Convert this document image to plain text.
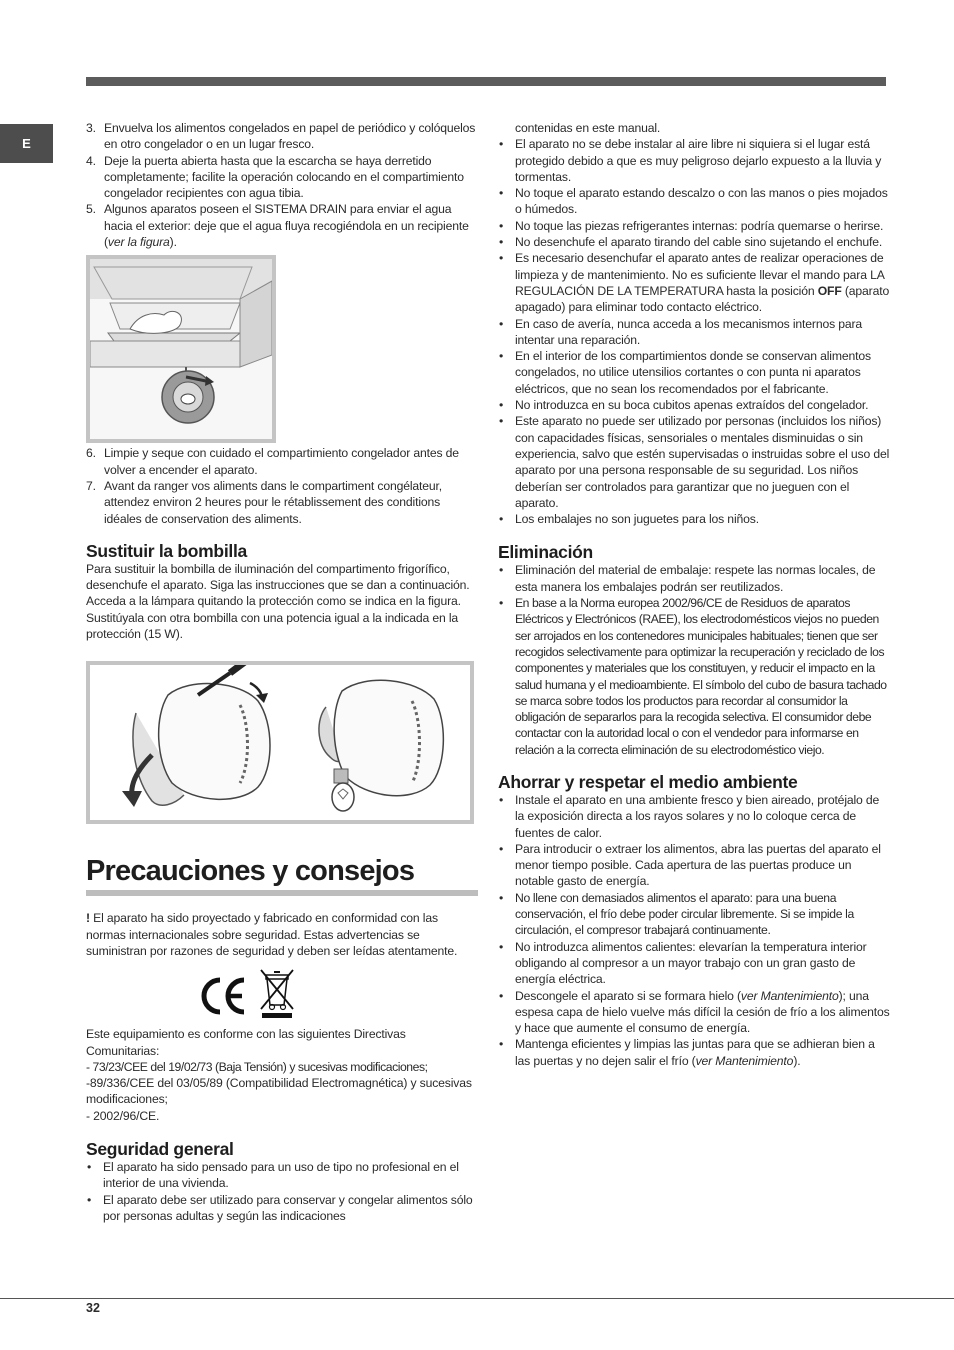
E
3. Envuelva los alimentos congelados en papel de periódico y colóquelos en otro congelador o en un lugar fresco.
4. Deje la puerta abierta hasta que la escarcha se haya derretido completamente; facilite la operación colocando en el compartimiento congelador recipientes con agua tibia.
5. Algunos aparatos poseen el SISTEMA DRAIN para enviar el agua hacia el exterior: deje que el agua fluya recogiéndola en un recipiente (ver la figura).
6. Limpie y seque con cuidado el compartimiento congelador antes de volver a encender el aparato.
7. Avant da ranger vos aliments dans le compartiment congélateur, attendez environ 2 heures pour le rétablissement des conditions idéales de conservation des aliments.
Sustituir la bombilla

Para sustituir la bombilla de iluminación del compartimento frigorífico, desenchufe el aparato. Siga las instrucciones que se dan a continuación. Acceda a la lámpara quitando la protección como se indica en la figura. Sustitúyala con otra bombilla con una potencia igual a la indicada en la protección (15 W).

Precauciones y consejos

! El aparato ha sido proyectado y fabricado en conformidad con las normas internacionales sobre seguridad. Estas advertencias se suministran por razones de seguridad y deben ser leídas atentamente.

Este equipamiento es conforme con las siguientes Directivas Comunitarias:

- 73/23/CEE del 19/02/73 (Baja Tensión) y sucesivas modificaciones;

-89/336/CEE del 03/05/89 (Compatibilidad Electromagnética) y sucesivas modificaciones;

- 2002/96/CE.

Seguridad general
• El aparato ha sido pensado para un uso de tipo no profesional en el interior de una vivienda.
• El aparato debe ser utilizado para conservar y congelar alimentos sólo por personas adultas y según las indicaciones

contenidas en este manual.

• El aparato no se debe instalar al aire libre ni siquiera si el lugar está protegido debido a que es muy peligroso dejarlo expuesto a la lluvia y tormentas.
• No toque el aparato estando descalzo o con las manos o pies mojados o húmedos.
• No toque las piezas refrigerantes internas: podría quemarse o herirse.
• No desenchufe el aparato tirando del cable sino sujetando el enchufe.
• Es necesario desenchufar el aparato antes de realizar operaciones de limpieza y de mantenimiento. No es suficiente llevar el mando para LA REGULACIÓN DE LA TEMPERATURA hasta la posición OFF (aparato apagado) para eliminar todo contacto eléctrico.
• En caso de avería, nunca acceda a los mecanismos internos para intentar una reparación.
• En el interior de los compartimientos donde se conservan alimentos congelados, no utilice utensilios cortantes o con punta ni aparatos eléctricos, que no sean los recomendados por el fabricante.
• No introduzca en su boca cubitos apenas extraídos del congelador.
• Este aparato no puede ser utilizado por personas (incluidos los niños) con capacidades físicas, sensoriales o mentales disminuidas o sin experiencia, salvo que estén supervisadas o instruidas sobre el uso del aparato por una persona responsable de su seguridad. Los niños deberían ser controlados para garantizar que no jueguen con el aparato.
• Los embalajes no son juguetes para los niños.
Eliminación
• Eliminación del material de embalaje: respete las normas locales, de esta manera los embalajes podrán ser reutilizados.
• En base a la Norma europea 2002/96/CE de Residuos de aparatos Eléctricos y Electrónicos (RAEE), los electrodomésticos viejos no pueden ser arrojados en los contenedores municipales habituales; tienen que ser recogidos selectivamente para optimizar la recuperación y reciclado de los componentes y materiales que los constituyen, y reducir el impacto en la salud humana y el medioambiente. El símbolo del cubo de basura tachado se marca sobre todos los productos para recordar al consumidor la obligación de separarlos para la recogida selectiva. El consumidor debe contactar con la autoridad local o con el vendedor para informarse en relación a la correcta eliminación de su electrodoméstico viejo.
Ahorrar y respetar el medio ambiente
• Instale el aparato en una ambiente fresco y bien aireado, protéjalo de la exposición directa a los rayos solares y no lo coloque cerca de fuentes de calor.
• Para introducir o extraer los alimentos, abra las puertas del aparato el menor tiempo posible. Cada apertura de las puertas produce un notable gasto de energía.
• No llene con demasiados alimentos el aparato: para una buena conservación, el frío debe poder circular libremente. Si se impide la circulación, el compresor trabajará continuamente.
• No introduzca alimentos calientes: elevarían la temperatura interior obligando al compresor a un mayor trabajo con un gran gasto de energía eléctrica.
• Descongele el aparato si se formara hielo (ver Mantenimiento); una espesa capa de hielo vuelve más difícil la cesión de frío a los alimentos y hace que aumente el consumo de energía.
• Mantenga eficientes y limpias las juntas para que se adhieran bien a las puertas y no dejen salir el frío (ver Mantenimiento).
32
